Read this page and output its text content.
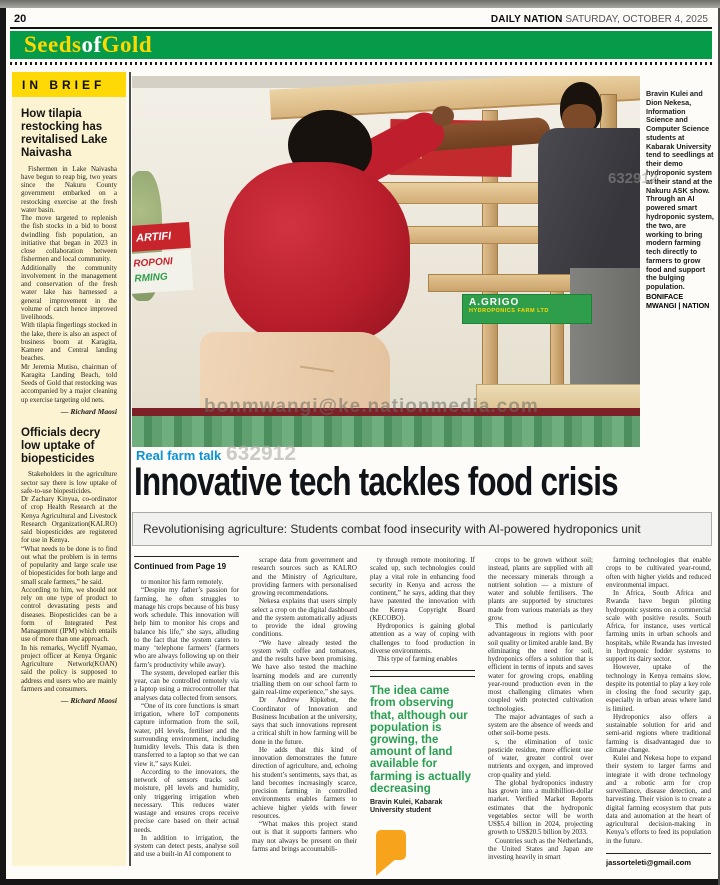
20	DAILY NATION SATURDAY, OCTOBER 4, 2025
Seeds of Gold
IN BRIEF
How tilapia restocking has revitalised Lake Naivasha

Fishermen in Lake Naivasha have begun to reap big, two years since the Nakuru County government embarked on a restocking exercise at the fresh water basin.

The move targeted to replenish the fish stocks in a bid to boost dwindling fish population, an initiative that began in 2023 in close collaboration between fishermen and local community.

Additionally the community involvement in the management and conservation of the fresh water lake has harnessed a general improvement in the volume of catch hence improved livelihoods.

With tilapia fingerlings stocked in the lake, there is also an aspect of business boom at Karagita, Kamere and Central landing beaches.

Mr Jeremia Mutiso, chairman of Karagita Landing Beach, told Seeds of Gold that restocking was accompanied by a major cleaning up exercise targeting old nets.

— Richard Maosi
Officials decry low uptake of biopesticides

Stakeholders in the agriculture sector say there is low uptake of safe-to-use biopesticides.

Dr Zachary Kinyua, co-ordinator of crop Health Research at the Kenya Agricultural and Livestock Research Organization(KALRO) said biopesticides are registered for use in Kenya.

“What needs to be done is to find out what the problem is in terms of popularity and large scale use of biopesticides for both large and small scale farmers,” he said.

According to him, we should not rely on one type of product to control devastating pests and diseases. Biopesticides can be a form of Integrated Pest Management (IPM) which entails use of more than one approach.

In his remarks, Wycliff Nyamao, project officer at Kenya Organic Agriculture Network(KOAN) said the policy is supposed to address end users who are mainly farmers and consumers.

— Richard Maosi
ARTIFI
ROPONI
RMING
A.GRIGO
HYDROPONICS FARM LTD
bonmwangi@ke.nationmedia.com
Bravin Kulei and Dion Nekesa, Information Science and Computer Science students at Kabarak University tend to seedlings at their demo hydroponic system at their stand at the Nakuru ASK show. Through an AI powered smart hydroponic system, the two, are working to bring modern farming tech directly to farmers to grow food and support the bulging population.
BONIFACE MWANGI | NATION
Real farm talk
Innovative tech tackles food crisis
Revolutionising agriculture: Students combat food insecurity with AI-powered hydroponics unit
Continued from Page 19

to monitor his farm remotely.

“Despite my father’s passion for farming, he often struggles to manage his crops because of his busy work schedule. This innovation will help him to monitor his crops and balance his life,” she says, alluding to the fact that the system caters to many ‘telephone farmers’ (farmers who are always following up on their farm’s productivity while away).

The system, developed earlier this year, can be controlled remotely via a laptop using a microcontroller that analyses data collected from sensors.

“One of its core functions is smart irrigation, where IoT components capture information from the soil, water, pH levels, fertiliser and the surrounding environment, including humidity levels. This data is then transferred to a laptop so that we can view it,” says Kulei.

According to the innovators, the network of sensors tracks soil moisture, pH levels and humidity, only triggering irrigation when necessary. This reduces water wastage and ensures crops receive precise care based on their actual needs.

In addition to irrigation, the system can detect pests, analyse soil and use a built-in AI component to

scrape data from government and research sources such as KALRO and the Ministry of Agriculture, providing farmers with personalised growing recommendations.

Nekesa explains that users simply select a crop on the digital dashboard and the system automatically adjusts to provide the ideal growing conditions.

“We have already tested the system with coffee and tomatoes, and the results have been promising. We have also tested the machine learning models and are currently trialling them on our school farm to gain real-time experience,” she says.

Dr Andrew Kipkebut, the Coordinator of Innovation and Business Incubation at the university, says that such innovations represent a critical shift in how farming will be done in the future.

He adds that this kind of innovation demonstrates the future direction of agriculture, and, echoing his student’s sentiments, says that, as land becomes increasingly scarce, precision farming in controlled environments enables farmers to achieve higher yields with fewer resources.

“What makes this project stand out is that it supports farmers who may not always be present on their farms and brings accountabili-

ty through remote monitoring. If scaled up, such technologies could play a vital role in enhancing food security in Kenya and across the continent,” he says, adding that they have patented the innovation with the Kenya Copyright Board (KECOBO).

Hydroponics is gaining global attention as a way of coping with challenges to food production in diverse environments.

This type of farming enables

The idea came from observing that, although our population is growing, the amount of land available for farming is actually decreasing
Bravin Kulei, Kabarak University student

crops to be grown without soil; instead, plants are supplied with all the necessary minerals through a nutrient solution — a mixture of water and soluble fertilisers. The plants are supported by structures made from various materials as they grow.

This method is particularly advantageous in regions with poor soil quality or limited arable land. By eliminating the need for soil, hydroponics offers a solution that is efficient in terms of inputs and saves water for growing crops, enabling year-round production even in the most challenging climates when coupled with protected cultivation technologies.

The major advantages of such a system are the absence of weeds and other soil-borne pests.

s, the elimination of toxic pesticide residue, more efficient use of water, greater control over nutrients and oxygen, and improved crop quality and yield.

The global hydroponics industry has grown into a multibillion-dollar market. Verified Market Reports estimates that the hydroponic vegetables sector will be worth US$5.4 billion in 2024, projecting growth to US$20.5 billion by 2033.

Countries such as the Netherlands, the United States and Japan are investing heavily in smart

farming technologies that enable crops to be cultivated year-round, often with higher yields and reduced environmental impact.

In Africa, South Africa and Rwanda have begun piloting hydroponic systems on a commercial scale with positive results. South Africa, for instance, uses vertical farming units in urban schools and hospitals, while Rwanda has invested in hydroponic fodder systems to support its dairy sector.

However, uptake of the technology in Kenya remains slow, despite its potential to play a key role in closing the food security gap, especially in urban areas where land is limited.

Hydroponics also offers a sustainable solution for arid and semi-arid regions where traditional farming is disadvantaged due to climate change.

Kulei and Nekesa hope to expand their system to larger farms and integrate it with drone technology and a robotic arm for crop surveillance, disease detection, and harvesting. Their vision is to create a digital farming ecosystem that puts data and automation at the heart of agricultural decision-making in Kenya’s efforts to feed its population in the future.

jassorteleti@gmail.com
632912
632912
